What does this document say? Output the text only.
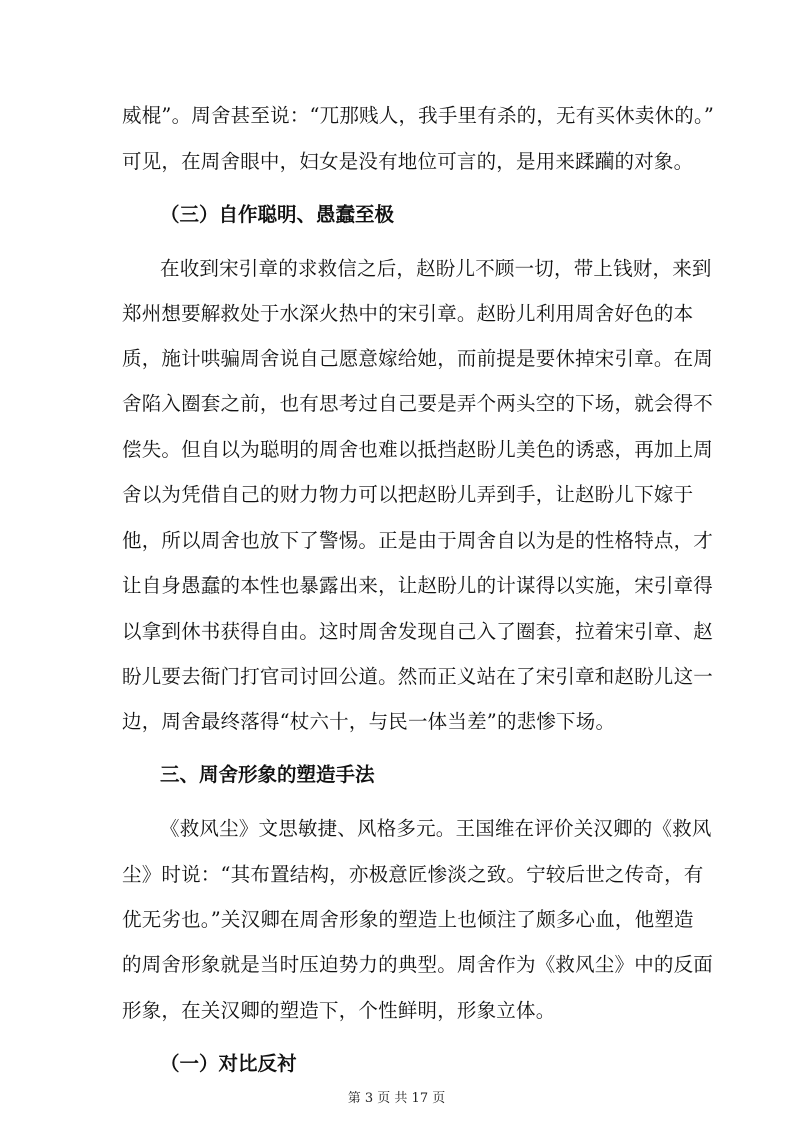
威棍”。周舍甚至说：“兀那贱人，我手里有杀的，无有买休卖休的。”
可见，在周舍眼中，妇女是没有地位可言的，是用来蹂躏的对象。
（三）自作聪明、愚蠢至极
在收到宋引章的求救信之后，赵盼儿不顾一切，带上钱财，来到
郑州想要解救处于水深火热中的宋引章。赵盼儿利用周舍好色的本
质，施计哄骗周舍说自己愿意嫁给她，而前提是要休掉宋引章。在周
舍陷入圈套之前，也有思考过自己要是弄个两头空的下场，就会得不
偿失。但自以为聪明的周舍也难以抵挡赵盼儿美色的诱惑，再加上周
舍以为凭借自己的财力物力可以把赵盼儿弄到手，让赵盼儿下嫁于
他，所以周舍也放下了警惕。正是由于周舍自以为是的性格特点，才
让自身愚蠢的本性也暴露出来，让赵盼儿的计谋得以实施，宋引章得
以拿到休书获得自由。这时周舍发现自己入了圈套，拉着宋引章、赵
盼儿要去衙门打官司讨回公道。然而正义站在了宋引章和赵盼儿这一
边，周舍最终落得“杖六十，与民一体当差”的悲惨下场。
三、周舍形象的塑造手法
《救风尘》文思敏捷、风格多元。王国维在评价关汉卿的《救风
尘》时说：“其布置结构，亦极意匠惨淡之致。宁较后世之传奇，有
优无劣也。”关汉卿在周舍形象的塑造上也倾注了颇多心血，他塑造
的周舍形象就是当时压迫势力的典型。周舍作为《救风尘》中的反面
形象，在关汉卿的塑造下，个性鲜明，形象立体。
（一）对比反衬
第 3 页 共 17 页
